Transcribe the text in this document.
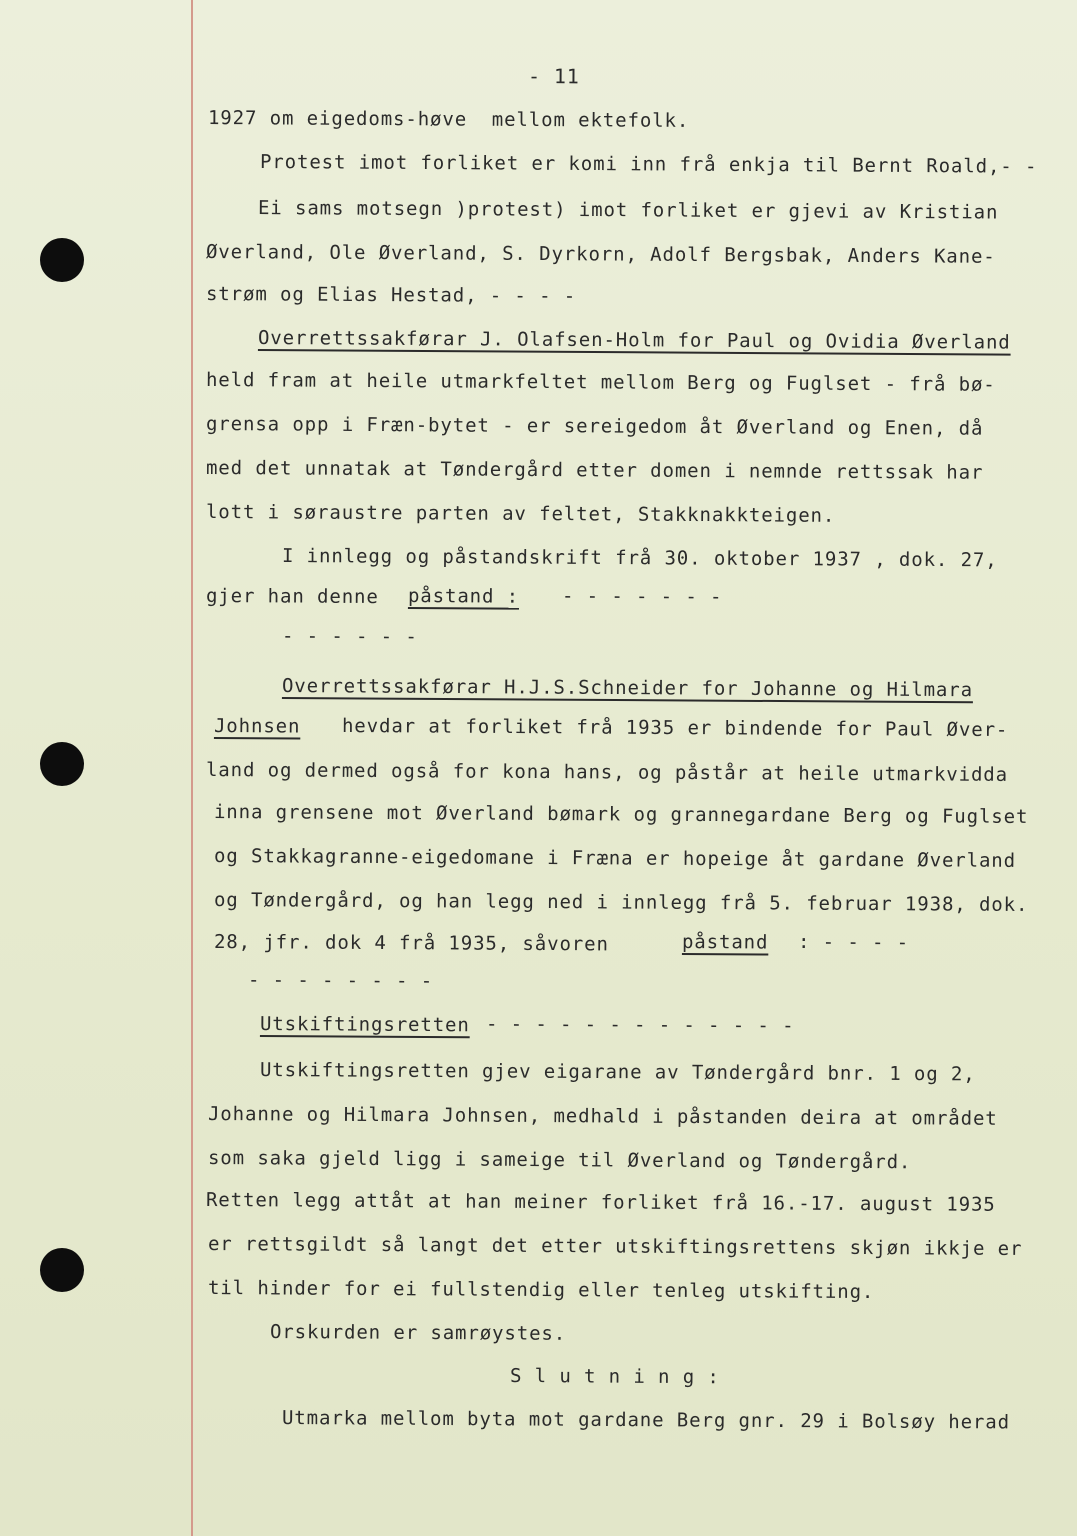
- 11
1927 om eigedoms-høve  mellom ektefolk.
Protest imot forliket er komi inn frå enkja til Bernt Roald,- -
Ei sams motsegn )protest) imot forliket er gjevi av Kristian
Øverland, Ole Øverland, S. Dyrkorn, Adolf Bergsbak, Anders Kane-
strøm og Elias Hestad, - - - -
Overrettssakførar J. Olafsen-Holm for Paul og Ovidia Øverland
held fram at heile utmarkfeltet mellom Berg og Fuglset - frå bø-
grensa opp i Fræn-bytet - er sereigedom åt Øverland og Enen, då
med det unnatak at Tøndergård etter domen i nemnde rettssak har
lott i søraustre parten av feltet, Stakknakkteigen.
I innlegg og påstandskrift frå 30. oktober 1937 , dok. 27,
gjer han denne påstand : - - - - - - -
- - - - - -
Overrettssakførar H.J.S.Schneider for Johanne og Hilmara
Johnsen hevdar at forliket frå 1935 er bindende for Paul Øver-
land og dermed også for kona hans, og påstår at heile utmarkvidda
inna grensene mot Øverland bømark og grannegardane Berg og Fuglset
og Stakkagranne-eigedomane i Fræna er hopeige åt gardane Øverland
og Tøndergård, og han legg ned i innlegg frå 5. februar 1938, dok.
28, jfr. dok 4 frå 1935, såvoren	påstand : - - - -
- - - - - - - -
Utskiftingsretten - - - - - - - - - - - - -
Utskiftingsretten gjev eigarane av Tøndergård bnr. 1 og 2,
Johanne og Hilmara Johnsen, medhald i påstanden deira at området
som saka gjeld ligg i sameige til Øverland og Tøndergård.
Retten legg attåt at han meiner forliket frå 16.-17. august 1935
er rettsgildt så langt det etter utskiftingsrettens skjøn ikkje er
til hinder for ei fullstendig eller tenleg utskifting.
Orskurden er samrøystes.
S l u t n i n g :
Utmarka mellom byta mot gardane Berg gnr. 29 i Bolsøy herad
